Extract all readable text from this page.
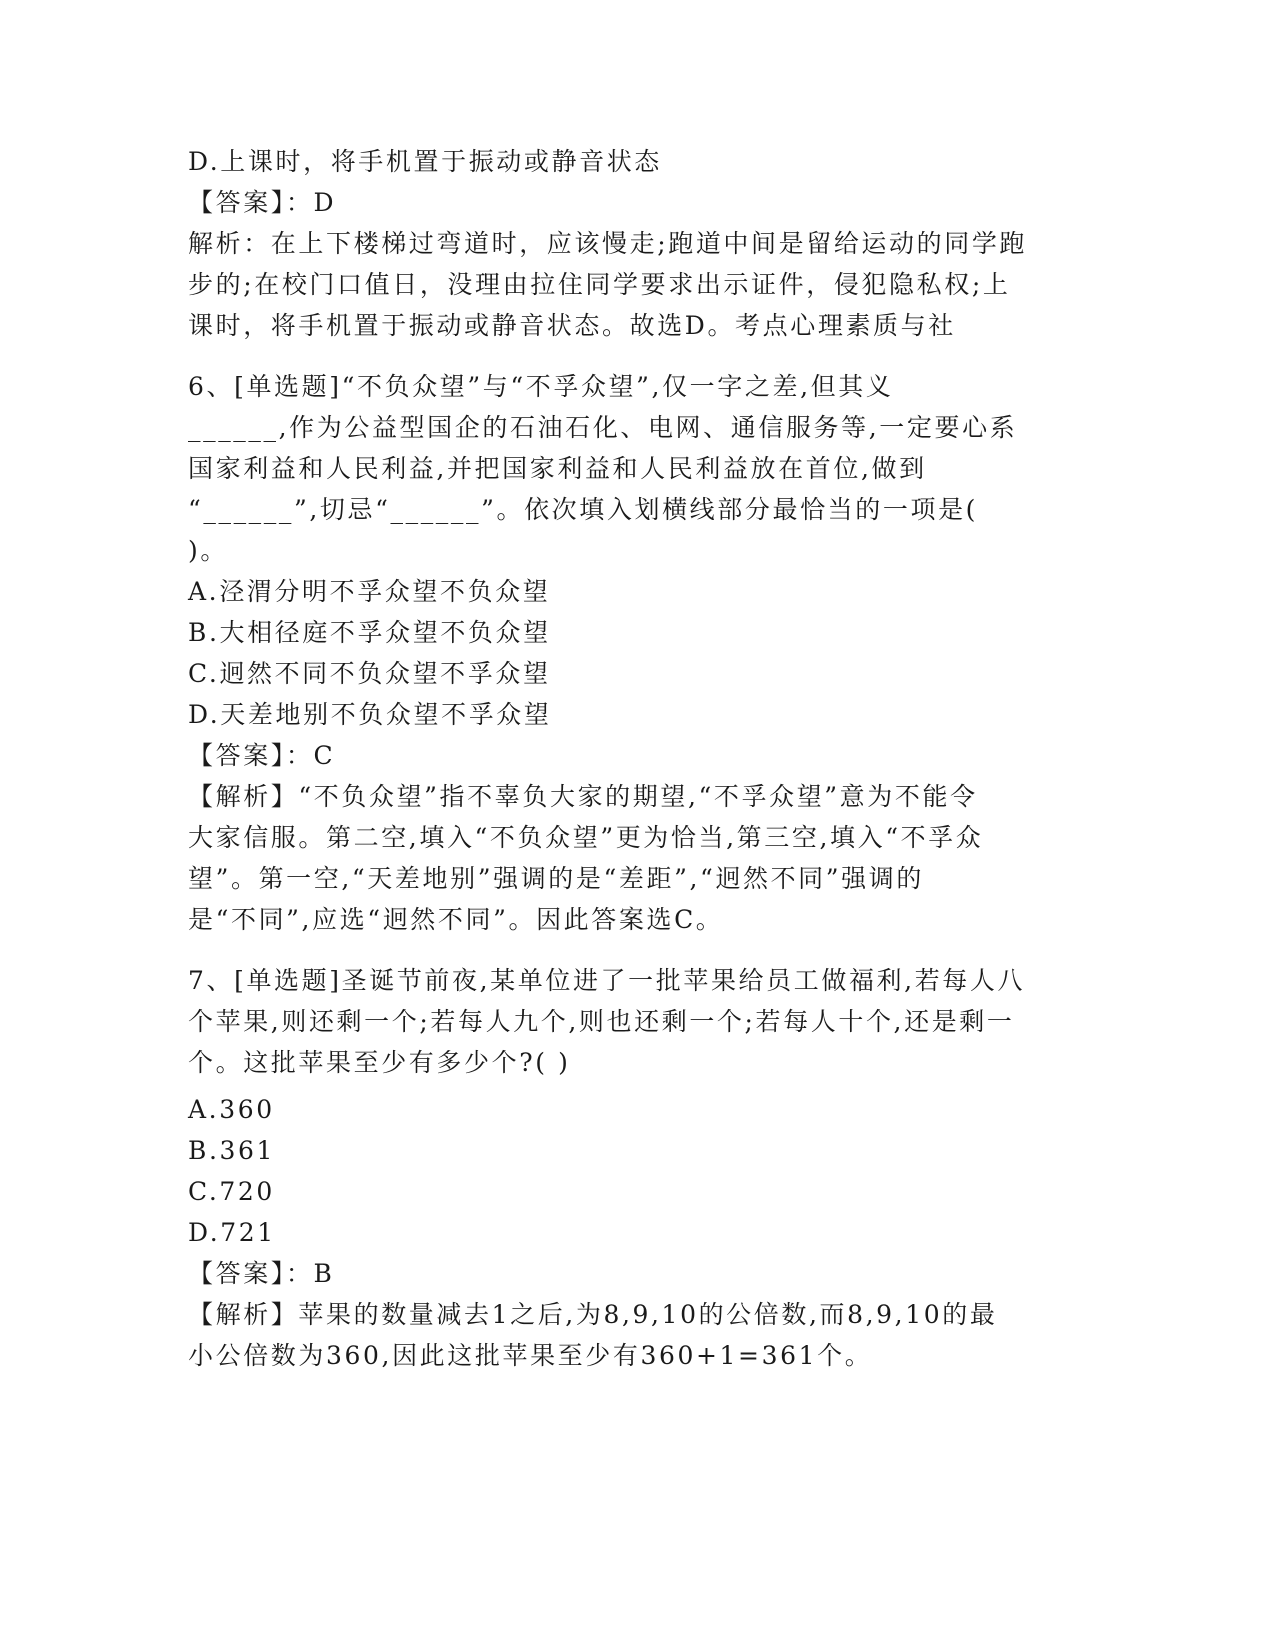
D.上课时，将手机置于振动或静音状态
【答案】：D
解析：在上下楼梯过弯道时，应该慢走;跑道中间是留给运动的同学跑
步的;在校门口值日，没理由拉住同学要求出示证件，侵犯隐私权;上
课时，将手机置于振动或静音状态。故选D。考点心理素质与社
6、[单选题]“不负众望”与“不孚众望”,仅一字之差,但其义
______,作为公益型国企的石油石化、电网、通信服务等,一定要心系
国家利益和人民利益,并把国家利益和人民利益放在首位,做到
“______”,切忌“______”。依次填入划横线部分最恰当的一项是(
)。
A.泾渭分明不孚众望不负众望
B.大相径庭不孚众望不负众望
C.迥然不同不负众望不孚众望
D.天差地别不负众望不孚众望
【答案】：C
【解析】“不负众望”指不辜负大家的期望,“不孚众望”意为不能令
大家信服。第二空,填入“不负众望”更为恰当,第三空,填入“不孚众
望”。第一空,“天差地别”强调的是“差距”,“迥然不同”强调的
是“不同”,应选“迥然不同”。因此答案选C。
7、[单选题]圣诞节前夜,某单位进了一批苹果给员工做福利,若每人八
个苹果,则还剩一个;若每人九个,则也还剩一个;若每人十个,还是剩一
个。这批苹果至少有多少个?( )
A.360
B.361
C.720
D.721
【答案】：B
【解析】苹果的数量减去1之后,为8,9,10的公倍数,而8,9,10的最
小公倍数为360,因此这批苹果至少有360+1=361个。
